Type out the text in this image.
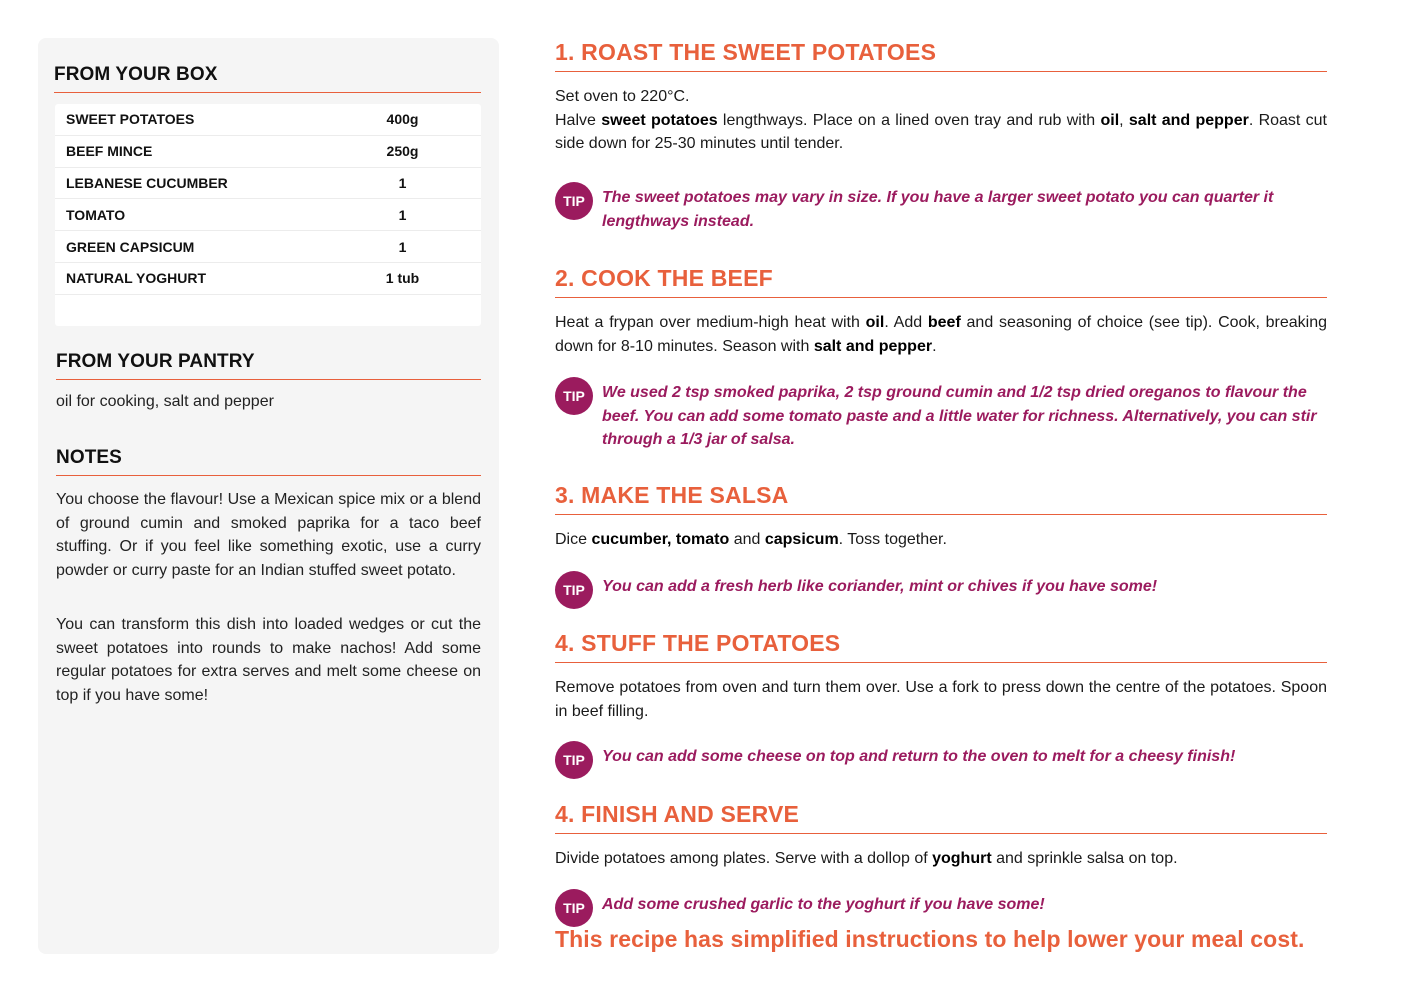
FROM YOUR BOX
SWEET POTATOES	400g
BEEF MINCE	250g
LEBANESE CUCUMBER	1
TOMATO	1
GREEN CAPSICUM	1
NATURAL YOGHURT	1 tub
FROM YOUR PANTRY
oil for cooking, salt and pepper
NOTES

You choose the flavour! Use a Mexican spice mix or a blend of ground cumin and smoked paprika for a taco beef stuffing. Or if you feel like something exotic, use a curry powder or curry paste for an Indian stuffed sweet potato.

You can transform this dish into loaded wedges or cut the sweet potatoes into rounds to make nachos! Add some regular potatoes for extra serves and melt some cheese on top if you have some!

1. ROAST THE SWEET POTATOES
Set oven to 220°C.
Halve sweet potatoes lengthways. Place on a lined oven tray and rub with oil, salt and pepper. Roast cut side down for 25-30 minutes until tender.
TIP	The sweet potatoes may vary in size. If you have a larger sweet potato you can quarter it lengthways instead.
2. COOK THE BEEF
Heat a frypan over medium-high heat with oil. Add beef and seasoning of choice (see tip). Cook, breaking down for 8-10 minutes. Season with salt and pepper.
TIP	We used 2 tsp smoked paprika, 2 tsp ground cumin and 1/2 tsp dried oreganos to flavour the beef. You can add some tomato paste and a little water for richness. Alternatively, you can stir through a 1/3 jar of salsa.
3. MAKE THE SALSA
Dice cucumber, tomato and capsicum. Toss together.
TIP	You can add a fresh herb like coriander, mint or chives if you have some!
4. STUFF THE POTATOES
Remove potatoes from oven and turn them over. Use a fork to press down the centre of the potatoes. Spoon in beef filling.
TIP	You can add some cheese on top and return to the oven to melt for a cheesy finish!
4. FINISH AND SERVE
Divide potatoes among plates. Serve with a dollop of yoghurt and sprinkle salsa on top.
TIP	Add some crushed garlic to the yoghurt if you have some!
This recipe has simplified instructions to help lower your meal cost.
